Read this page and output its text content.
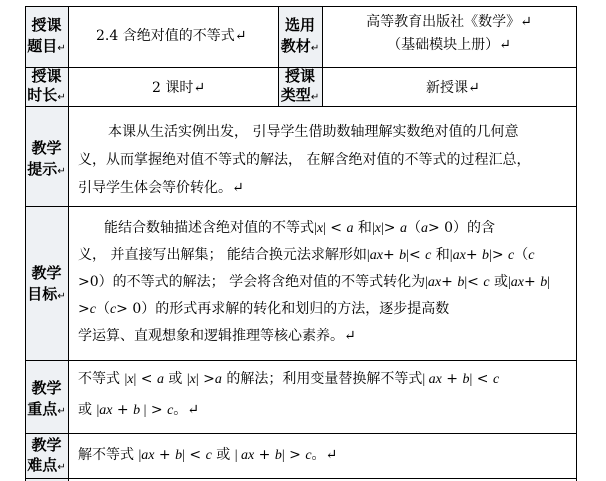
授课
题目↵
2.4 含绝对值的不等式↵
选用
教材↵
高等教育出版社《数学》↵
（基础模块上册）↵
授课
时长↵
2 课时↵
授课
类型↵
新授课↵
教学
提示↵
本课从生活实例出发， 引导学生借助数轴理解实数绝对值的几何意
义，从而掌握绝对值不等式的解法， 在解含绝对值的不等式的过程汇总，
引导学生体会等价转化。↵
教学
目标↵
能结合数轴描述含绝对值的不等式|x| < a 和|x|> a（a> 0）的含
义， 并直接写出解集； 能结合换元法求解形如|ax+ b|< c 和|ax+ b|> c（c
>0）的不等式的解法； 学会将含绝对值的不等式转化为|ax+ b|< c 或|ax+ b|
>c（c> 0）的形式再求解的转化和划归的方法，逐步提高数
学运算、直观想象和逻辑推理等核心素养。↵
教学
重点↵
不等式 |x| < a 或 |x| >a 的解法；利用变量替换解不等式| ax + b| < c
或 |ax + b | > c。↵
教学
难点↵
解不等式 |ax + b| < c 或 | ax + b| > c。↵
